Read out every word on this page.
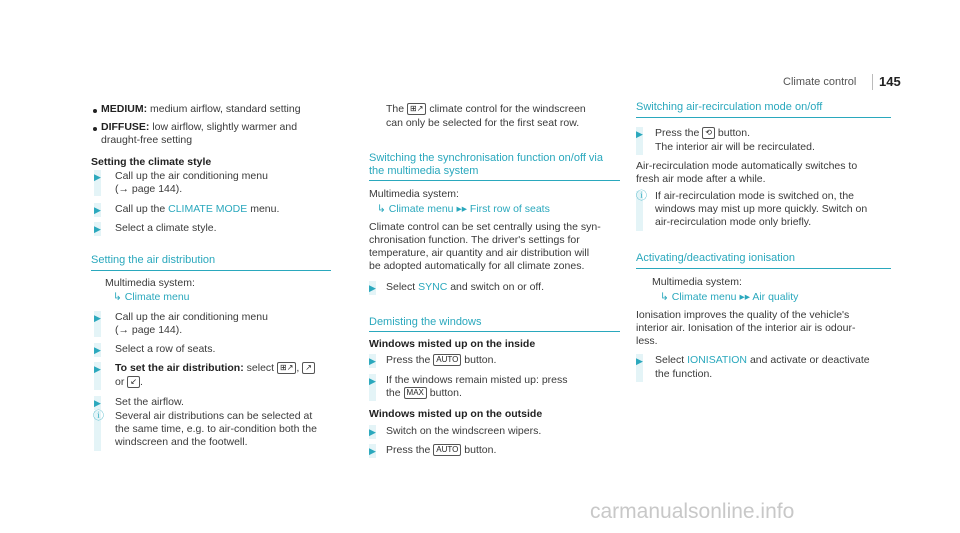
Climate control 145
MEDIUM: medium airflow, standard setting
DIFFUSE: low airflow, slightly warmer and
draught-free setting
Setting the climate style
▶ Call up the air conditioning menu
(→ page 144).
▶ Call up the CLIMATE MODE menu.
▶ Select a climate style.
Setting the air distribution
Multimedia system:
↳ Climate menu
▶ Call up the air conditioning menu
(→ page 144).
▶ Select a row of seats.
▶ To set the air distribution: select ⊞↗ , ↗
or ↙ .
▶ Set the airflow.
ⓘ Several air distributions can be selected at
the same time, e.g. to air-condition both the
windscreen and the footwell.
The ⊞↗ climate control for the windscreen
can only be selected for the first seat row.
Switching the synchronisation function on/off via
the multimedia system
Multimedia system:
↳ Climate menu ▸▸ First row of seats
Climate control can be set centrally using the syn-
chronisation function. The driver's settings for
temperature, air quantity and air distribution will
be adopted automatically for all climate zones.
▶ Select SYNC and switch on or off.
Demisting the windows
Windows misted up on the inside
▶ Press the AUTO button.
▶ If the windows remain misted up: press
the MAX button.
Windows misted up on the outside
▶ Switch on the windscreen wipers.
▶ Press the AUTO button.
Switching air-recirculation mode on/off
▶ Press the ⟲ button.
The interior air will be recirculated.
Air-recirculation mode automatically switches to
fresh air mode after a while.
ⓘ If air-recirculation mode is switched on, the
windows may mist up more quickly. Switch on
air-recirculation mode only briefly.
Activating/deactivating ionisation
Multimedia system:
↳ Climate menu ▸▸ Air quality
Ionisation improves the quality of the vehicle's
interior air. Ionisation of the interior air is odour-
less.
▶ Select IONISATION and activate or deactivate
the function.
carmanualsonline.info
